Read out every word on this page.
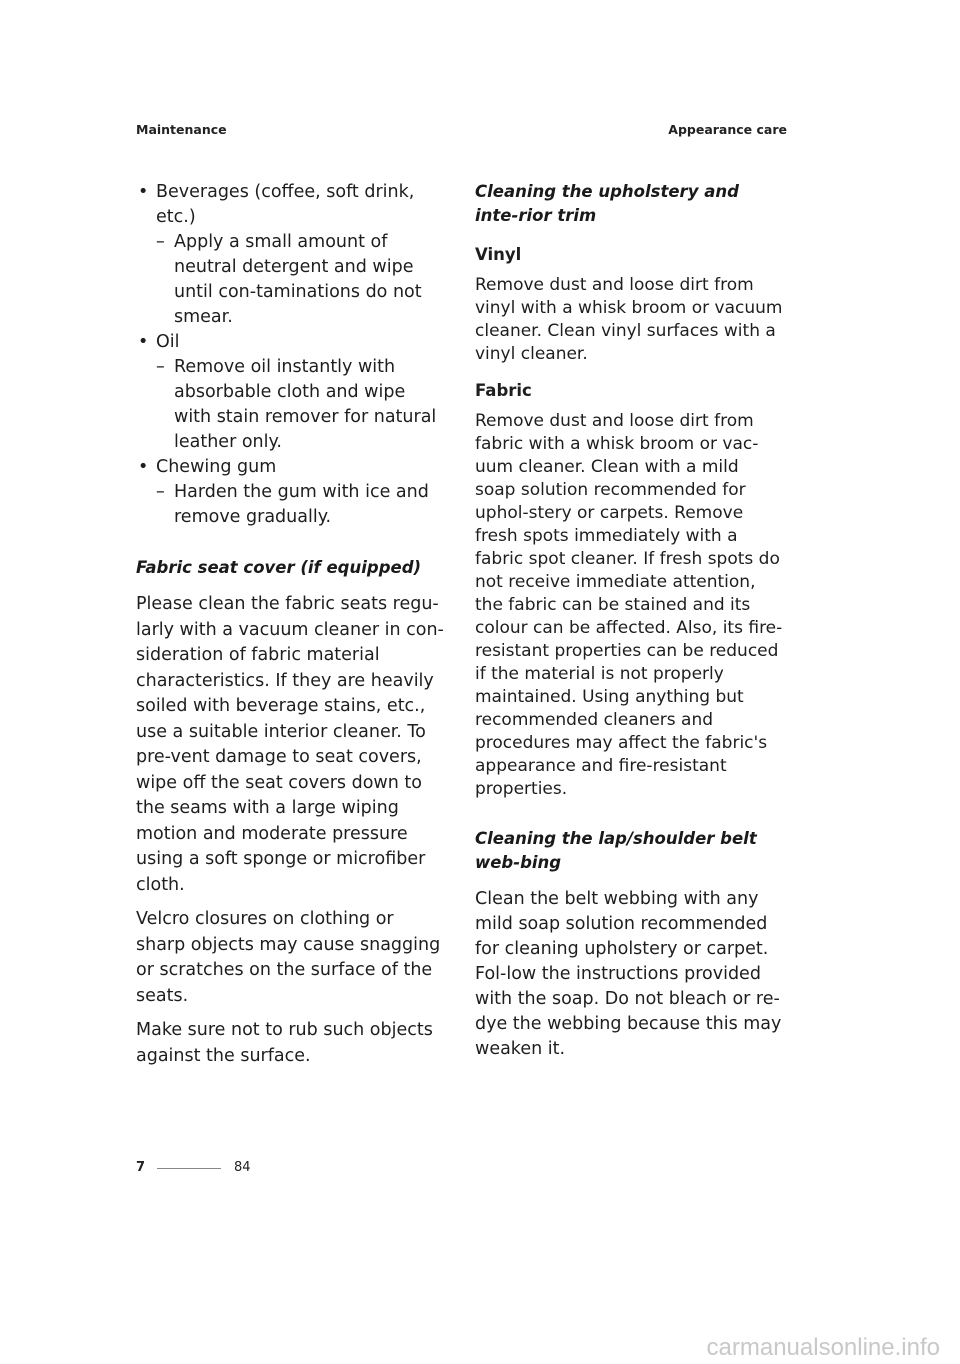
Maintenance	Appearance care
• Beverages (coffee, soft drink, etc.)
– Apply a small amount of neutral detergent and wipe until con-taminations do not smear.
• Oil
– Remove oil instantly with absorbable cloth and wipe with stain remover for natural leather only.
• Chewing gum
– Harden the gum with ice and remove gradually.
Fabric seat cover (if equipped)

Please clean the fabric seats regu-larly with a vacuum cleaner in con-sideration of fabric material characteristics. If they are heavily soiled with beverage stains, etc., use a suitable interior cleaner. To pre-vent damage to seat covers, wipe off the seat covers down to the seams with a large wiping motion and moderate pressure using a soft sponge or microfiber cloth.

Velcro closures on clothing or sharp objects may cause snagging or scratches on the surface of the seats.

Make sure not to rub such objects against the surface.

Cleaning the upholstery and inte-rior trim
Vinyl

Remove dust and loose dirt from vinyl with a whisk broom or vacuum cleaner. Clean vinyl surfaces with a vinyl cleaner.

Fabric

Remove dust and loose dirt from fabric with a whisk broom or vac-uum cleaner. Clean with a mild soap solution recommended for uphol-stery or carpets. Remove fresh spots immediately with a fabric spot cleaner. If fresh spots do not receive immediate attention, the fabric can be stained and its colour can be affected. Also, its fire-resistant properties can be reduced if the material is not properly maintained. Using anything but recommended cleaners and procedures may affect the fabric's appearance and fire-resistant properties.

Cleaning the lap/shoulder belt web-bing

Clean the belt webbing with any mild soap solution recommended for cleaning upholstery or carpet. Fol-low the instructions provided with the soap. Do not bleach or re-dye the webbing because this may weaken it.

7	84
carmanualsonline.info
